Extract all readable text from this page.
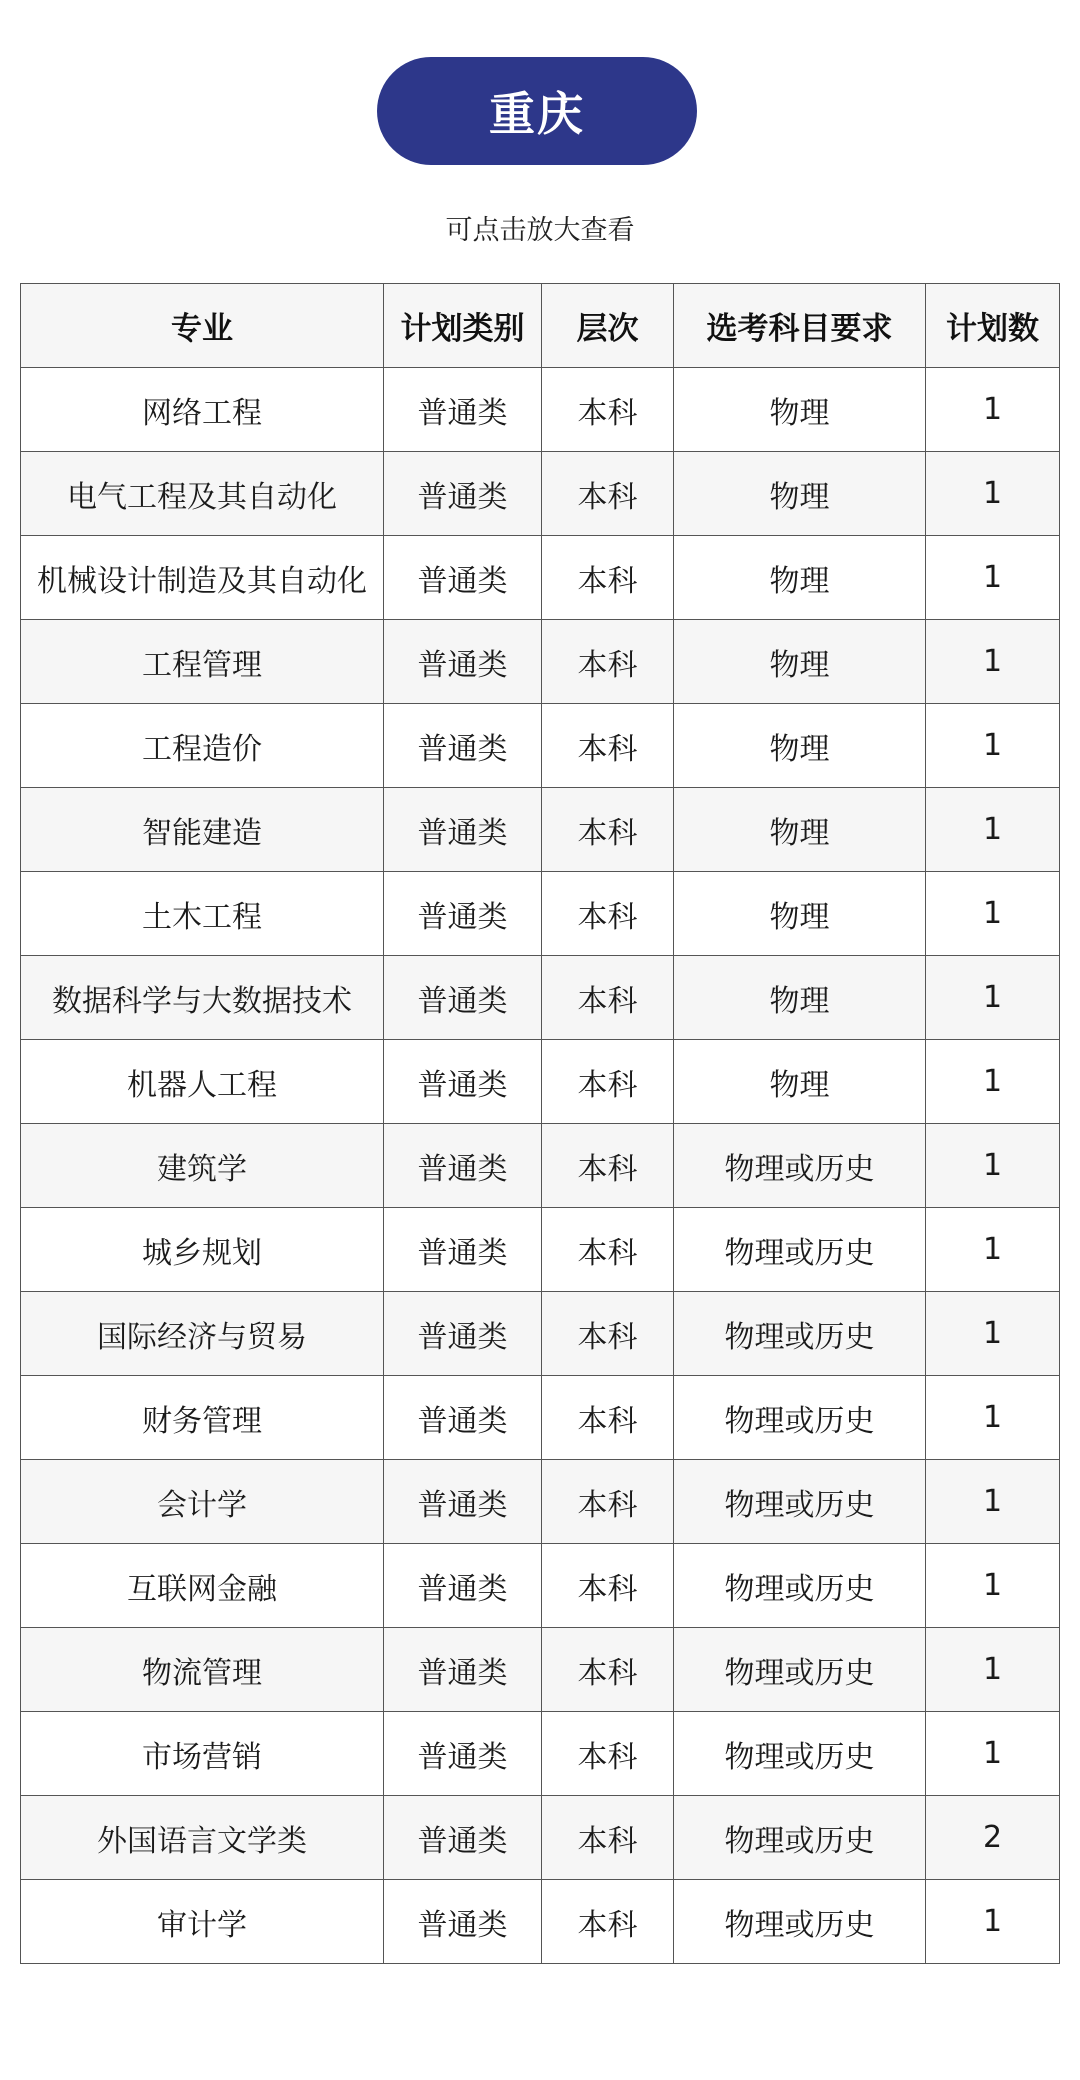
重庆
可点击放大查看
专业	计划类别	层次	选考科目要求	计划数
网络工程	普通类	本科	物理	1
电气工程及其自动化	普通类	本科	物理	1
机械设计制造及其自动化	普通类	本科	物理	1
工程管理	普通类	本科	物理	1
工程造价	普通类	本科	物理	1
智能建造	普通类	本科	物理	1
土木工程	普通类	本科	物理	1
数据科学与大数据技术	普通类	本科	物理	1
机器人工程	普通类	本科	物理	1
建筑学	普通类	本科	物理或历史	1
城乡规划	普通类	本科	物理或历史	1
国际经济与贸易	普通类	本科	物理或历史	1
财务管理	普通类	本科	物理或历史	1
会计学	普通类	本科	物理或历史	1
互联网金融	普通类	本科	物理或历史	1
物流管理	普通类	本科	物理或历史	1
市场营销	普通类	本科	物理或历史	1
外国语言文学类	普通类	本科	物理或历史	2
审计学	普通类	本科	物理或历史	1
